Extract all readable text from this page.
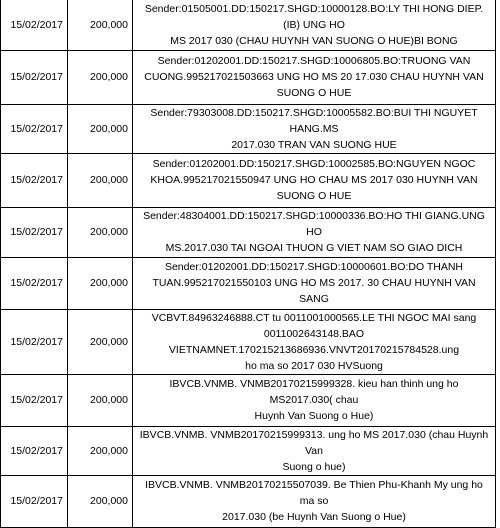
15/02/2017	200,000	Sender:01505001.DD:150217.SHGD:10000128.BO:LY THI HONG DIEP.(IB) UNG HO
MS 2017 030 (CHAU HUYNH VAN SUONG O HUE)BI BONG

15/02/2017	200,000	Sender:01202001.DD:150217.SHGD:10006805.BO:TRUONG VAN
CUONG.995217021503663 UNG HO MS 20 17.030 CHAU HUYNH VAN SUONG O HUE

15/02/2017	200,000	Sender:79303008.DD:150217.SHGD:10005582.BO:BUI THI NGUYET HANG.MS
2017.030 TRAN VAN SUONG HUE

15/02/2017	200,000	Sender:01202001.DD:150217.SHGD:10002585.BO:NGUYEN NGOC
KHOA.995217021550947 UNG HO CHAU MS 2017 030 HUYNH VAN SUONG O HUE

15/02/2017	200,000	Sender:48304001.DD:150217.SHGD:10000336.BO:HO THI GIANG.UNG HO
MS.2017.030 TAI NGOAI THUON G VIET NAM SO GIAO DICH

15/02/2017	200,000	Sender:01202001.DD:150217.SHGD:10000601.BO:DO THANH
TUAN.995217021550103 UNG HO MS 2017. 30 CHAU HUYNH VAN SANG

15/02/2017	200,000	VCBVT.84963246888.CT tu 0011001000565.LE THI NGOC MAI sang
0011002643148.BAO VIETNAMNET.170215213686936.VNVT20170215784528.ung
ho ma so 2017 030 HVSuong

15/02/2017	200,000	IBVCB.VNMB. VNMB20170215999328. kieu han thinh ung ho MS2017.030( chau
Huynh Van Suong o Hue)

15/02/2017	200,000	IBVCB.VNMB. VNMB20170215999313. ung ho MS 2017.030 (chau Huynh Van
Suong o hue)

15/02/2017	200,000	IBVCB.VNMB. VNMB20170215507039. Be Thien Phu-Khanh My ung ho ma so
2017.030 (be Huynh Van Suong o Hue)
